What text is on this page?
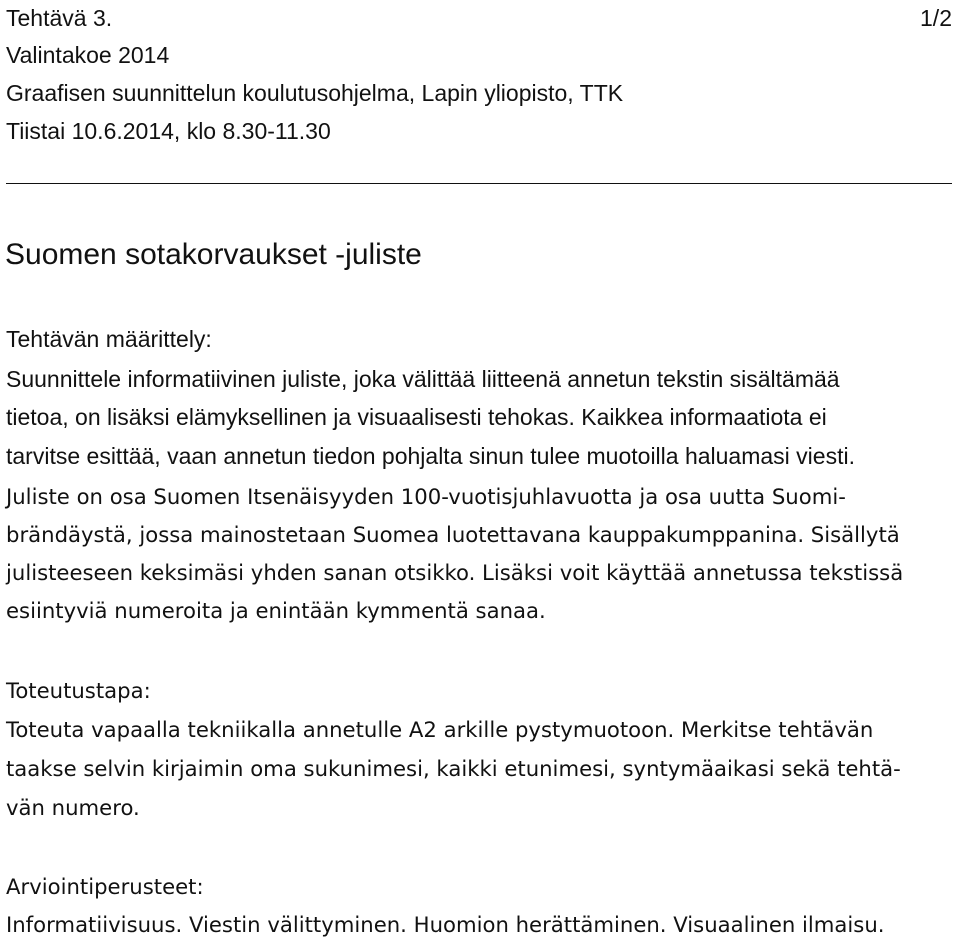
Tehtävä 3.	1/2
Valintakoe 2014
Graafisen suunnittelun koulutusohjelma, Lapin yliopisto, TTK
Tiistai 10.6.2014, klo 8.30-11.30
Suomen sotakorvaukset -juliste
Tehtävän määrittely:
Suunnittele informatiivinen juliste, joka välittää liitteenä annetun tekstin sisältämää
tietoa, on lisäksi elämyksellinen ja visuaalisesti tehokas. Kaikkea informaatiota ei
tarvitse esittää, vaan annetun tiedon pohjalta sinun tulee muotoilla haluamasi viesti.
Juliste on osa Suomen Itsenäisyyden 100-vuotisjuhlavuotta ja osa uutta Suomi-
brändäystä, jossa mainostetaan Suomea luotettavana kauppakumppanina. Sisällytä
julisteeseen keksimäsi yhden sanan otsikko. Lisäksi voit käyttää annetussa tekstissä
esiintyviä numeroita ja enintään kymmentä sanaa.
Toteutustapa:
Toteuta vapaalla tekniikalla annetulle A2 arkille pystymuotoon. Merkitse tehtävän
taakse selvin kirjaimin oma sukunimesi, kaikki etunimesi, syntymäaikasi sekä tehtä-
vän numero.
Arviointiperusteet:
Informatiivisuus. Viestin välittyminen. Huomion herättäminen. Visuaalinen ilmaisu.
